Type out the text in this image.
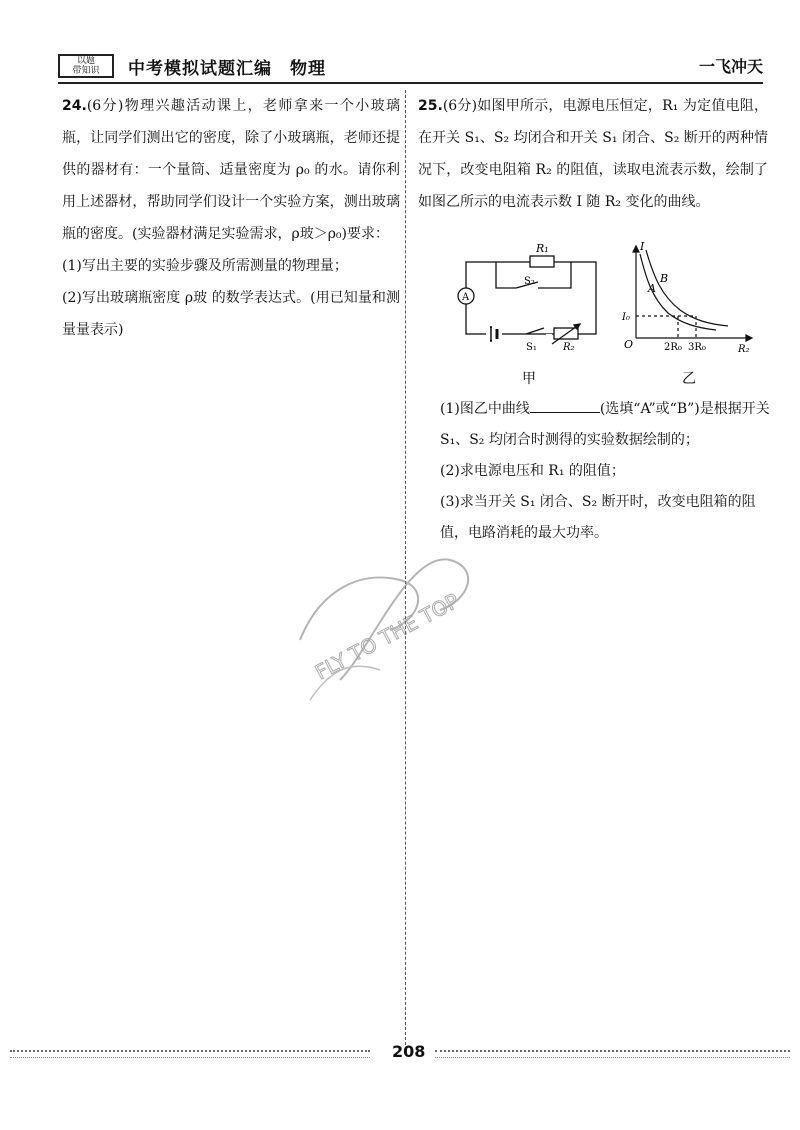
以题
带知识	中考模拟试题汇编　物理	一飞冲天

24.(6分)物理兴趣活动课上，老师拿来一个小玻璃瓶，让同学们测出它的密度，除了小玻璃瓶，老师还提供的器材有：一个量筒、适量密度为 ρ₀ 的水。请你利用上述器材，帮助同学们设计一个实验方案，测出玻璃瓶的密度。(实验器材满足实验需求，ρ玻＞ρ₀)要求：

(1)写出主要的实验步骤及所需测量的物理量；

(2)写出玻璃瓶密度 ρ玻 的数学表达式。(用已知量和测量量表示)

25.(6分)如图甲所示，电源电压恒定，R₁ 为定值电阻，在开关 S₁、S₂ 均闭合和开关 S₁ 闭合、S₂ 断开的两种情况下，改变电阻箱 R₂ 的阻值，读取电流表示数，绘制了如图乙所示的电流表示数 I 随 R₂ 变化的曲线。

R₁
S₂
A
S₁	R₂
甲
I
R₂
O
I₀
2R₀ 3R₀
A
B
乙

(1)图乙中曲线	(选填“A”或“B”)是根据开关 S₁、S₂ 均闭合时测得的实验数据绘制的；

(2)求电源电压和 R₁ 的阻值；

(3)求当开关 S₁ 闭合、S₂ 断开时，改变电阻箱的阻值，电路消耗的最大功率。

FLY TO THE TOP
208
